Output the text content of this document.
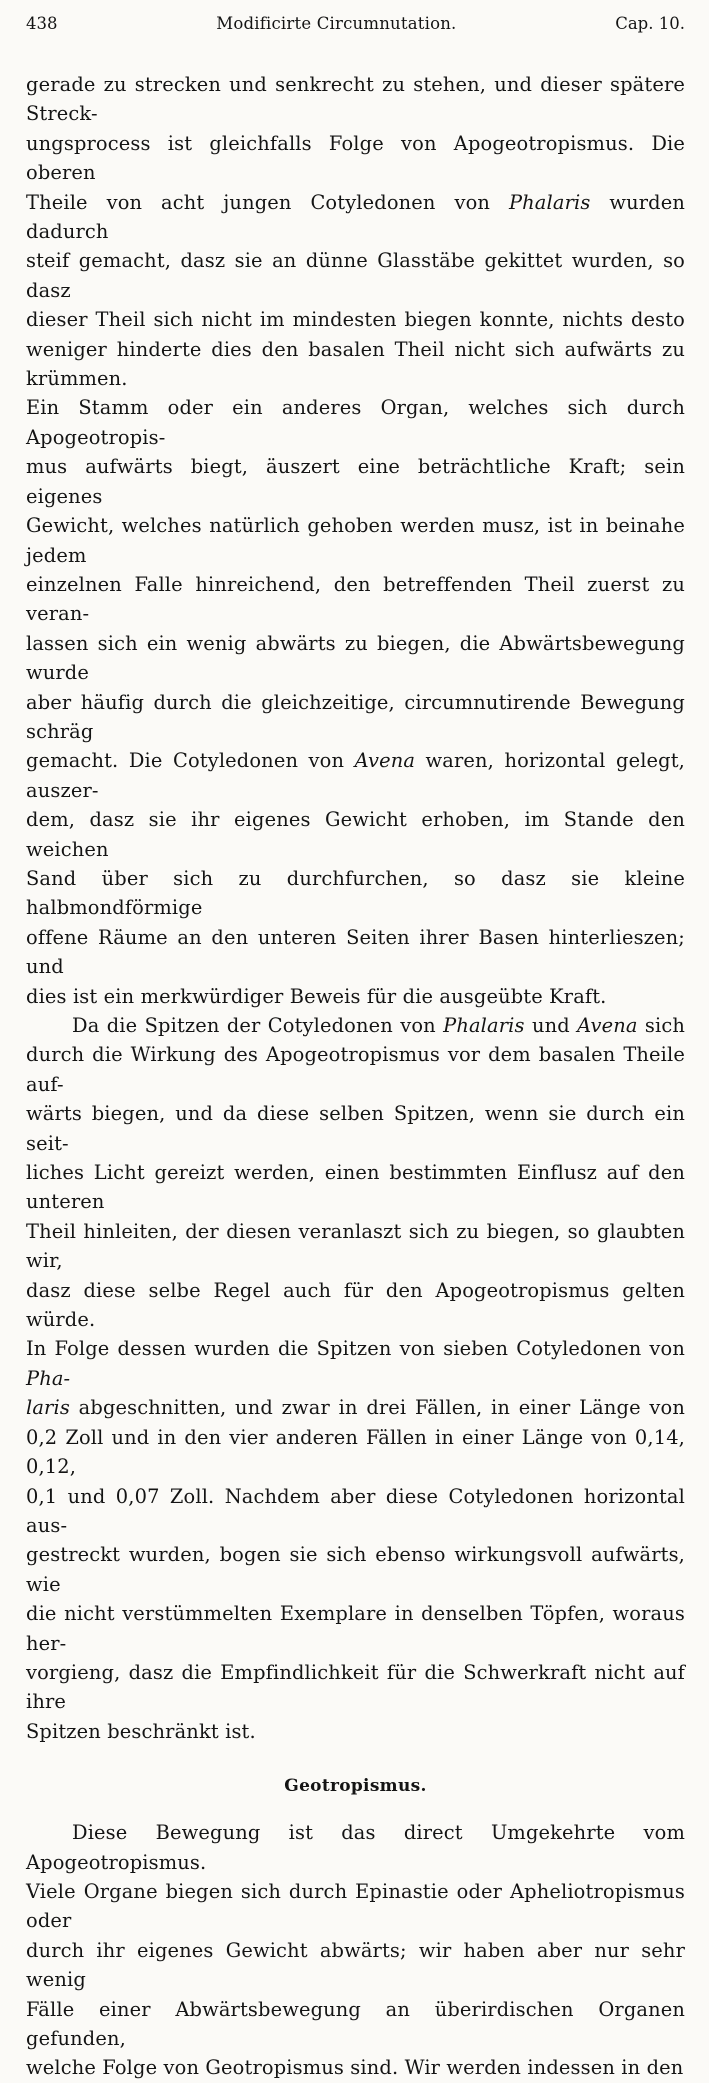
438	Modificirte Circumnutation.	Cap. 10.
gerade zu strecken und senkrecht zu stehen, und dieser spätere Streck-
ungsprocess ist gleichfalls Folge von Apogeotropismus. Die oberen
Theile von acht jungen Cotyledonen von Phalaris wurden dadurch
steif gemacht, dasz sie an dünne Glasstäbe gekittet wurden, so dasz
dieser Theil sich nicht im mindesten biegen konnte, nichts desto
weniger hinderte dies den basalen Theil nicht sich aufwärts zu krümmen.
Ein Stamm oder ein anderes Organ, welches sich durch Apogeotropis-
mus aufwärts biegt, äuszert eine beträchtliche Kraft; sein eigenes
Gewicht, welches natürlich gehoben werden musz, ist in beinahe jedem
einzelnen Falle hinreichend, den betreffenden Theil zuerst zu veran-
lassen sich ein wenig abwärts zu biegen, die Abwärtsbewegung wurde
aber häufig durch die gleichzeitige, circumnutirende Bewegung schräg
gemacht. Die Cotyledonen von Avena waren, horizontal gelegt, auszer-
dem, dasz sie ihr eigenes Gewicht erhoben, im Stande den weichen
Sand über sich zu durchfurchen, so dasz sie kleine halbmondförmige
offene Räume an den unteren Seiten ihrer Basen hinterlieszen; und
dies ist ein merkwürdiger Beweis für die ausgeübte Kraft.
Da die Spitzen der Cotyledonen von Phalaris und Avena sich
durch die Wirkung des Apogeotropismus vor dem basalen Theile auf-
wärts biegen, und da diese selben Spitzen, wenn sie durch ein seit-
liches Licht gereizt werden, einen bestimmten Einflusz auf den unteren
Theil hinleiten, der diesen veranlaszt sich zu biegen, so glaubten wir,
dasz diese selbe Regel auch für den Apogeotropismus gelten würde.
In Folge dessen wurden die Spitzen von sieben Cotyledonen von Pha-
laris abgeschnitten, und zwar in drei Fällen, in einer Länge von
0,2 Zoll und in den vier anderen Fällen in einer Länge von 0,14, 0,12,
0,1 und 0,07 Zoll. Nachdem aber diese Cotyledonen horizontal aus-
gestreckt wurden, bogen sie sich ebenso wirkungsvoll aufwärts, wie
die nicht verstümmelten Exemplare in denselben Töpfen, woraus her-
vorgieng, dasz die Empfindlichkeit für die Schwerkraft nicht auf ihre
Spitzen beschränkt ist.
Geotropismus.
Diese Bewegung ist das direct Umgekehrte vom Apogeotropismus.
Viele Organe biegen sich durch Epinastie oder Apheliotropismus oder
durch ihr eigenes Gewicht abwärts; wir haben aber nur sehr wenig
Fälle einer Abwärtsbewegung an überirdischen Organen gefunden,
welche Folge von Geotropismus sind. Wir werden indessen in den
